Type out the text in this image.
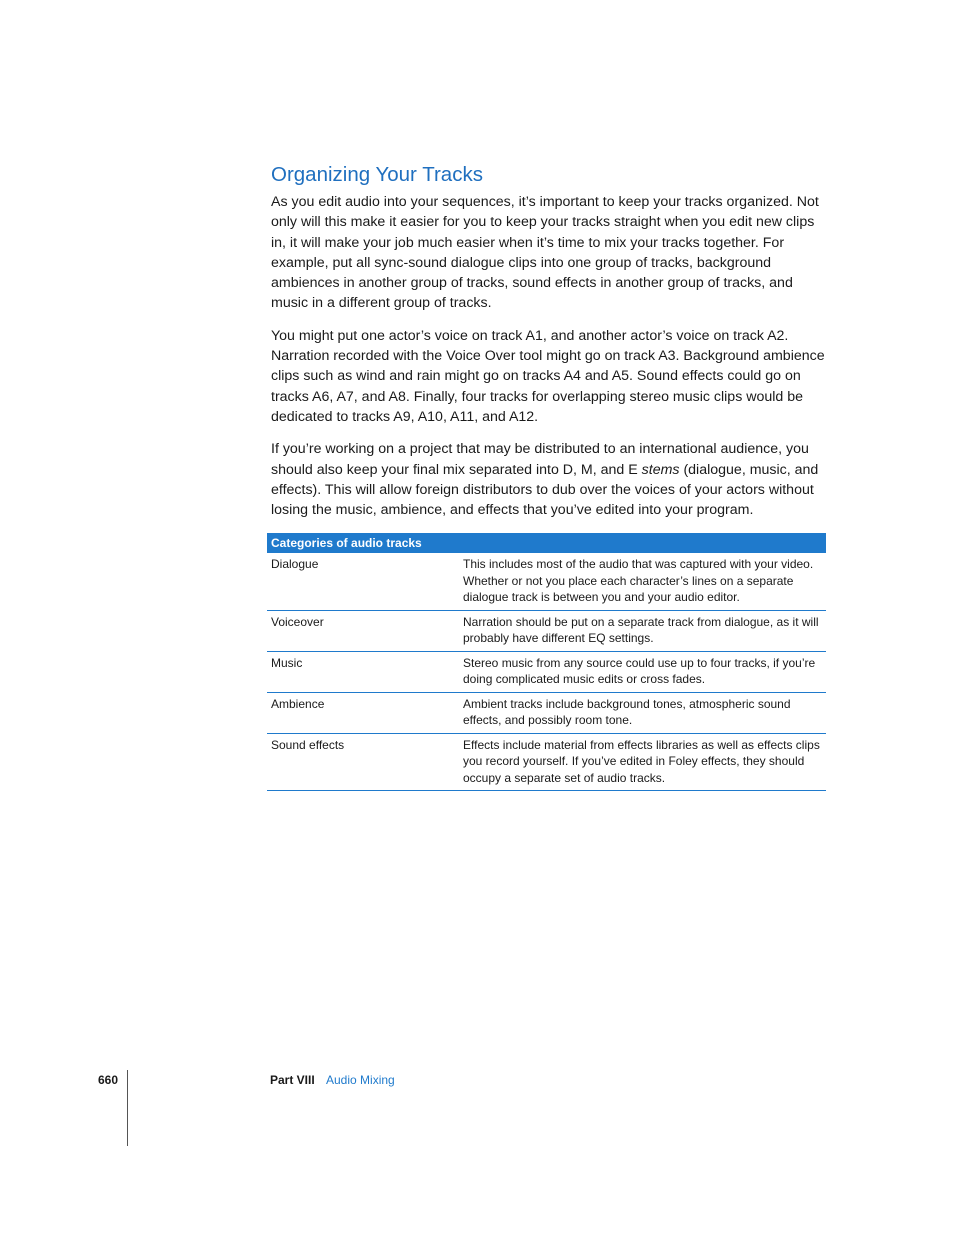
Organizing Your Tracks

As you edit audio into your sequences, it’s important to keep your tracks organized. Not only will this make it easier for you to keep your tracks straight when you edit new clips in, it will make your job much easier when it’s time to mix your tracks together. For example, put all sync-sound dialogue clips into one group of tracks, background ambiences in another group of tracks, sound effects in another group of tracks, and music in a different group of tracks.

You might put one actor’s voice on track A1, and another actor’s voice on track A2. Narration recorded with the Voice Over tool might go on track A3. Background ambience clips such as wind and rain might go on tracks A4 and A5. Sound effects could go on tracks A6, A7, and A8. Finally, four tracks for overlapping stereo music clips would be dedicated to tracks A9, A10, A11, and A12.

If you’re working on a project that may be distributed to an international audience, you should also keep your final mix separated into D, M, and E stems (dialogue, music, and effects). This will allow foreign distributors to dub over the voices of your actors without losing the music, ambience, and effects that you’ve edited into your program.

Categories of audio tracks	
Dialogue	This includes most of the audio that was captured with your video. Whether or not you place each character’s lines on a separate dialogue track is between you and your audio editor.
Voiceover	Narration should be put on a separate track from dialogue, as it will probably have different EQ settings.
Music	Stereo music from any source could use up to four tracks, if you’re doing complicated music edits or cross fades.
Ambience	Ambient tracks include background tones, atmospheric sound effects, and possibly room tone.
Sound effects	Effects include material from effects libraries as well as effects clips you record yourself. If you’ve edited in Foley effects, they should occupy a separate set of audio tracks.
660	Part VIII Audio Mixing
